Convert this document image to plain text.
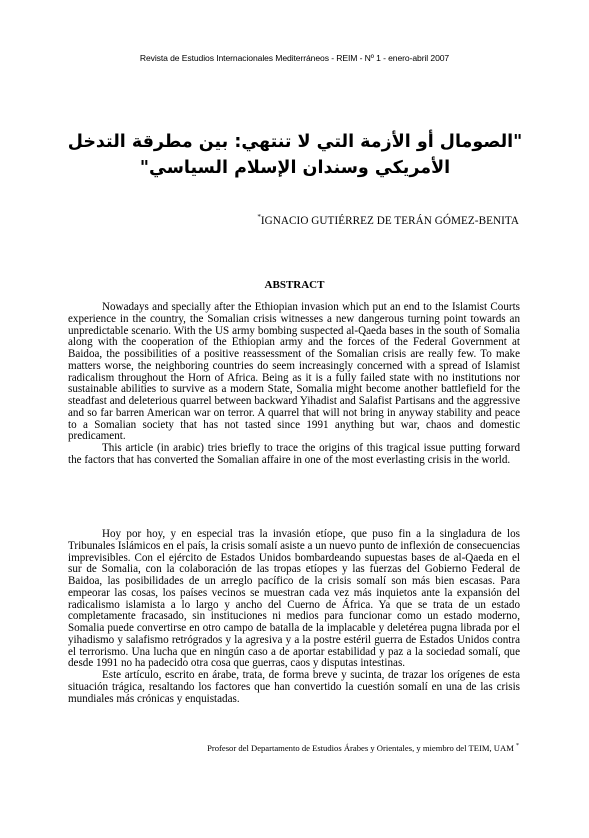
Revista de Estudios Internacionales Mediterráneos - REIM - Nº 1 - enero-abril 2007
"الصومال أو الأزمة التي لا تنتهي: بين مطرقة التدخل الأمريكي وسندان الإسلام السياسي"
*IGNACIO GUTIÉRREZ DE TERÁN GÓMEZ-BENITA
ABSTRACT

Nowadays and specially after the Ethiopian invasion which put an end to the Islamist Courts experience in the country, the Somalian crisis witnesses a new dangerous turning point towards an unpredictable scenario. With the US army bombing suspected al-Qaeda bases in the south of Somalia along with the cooperation of the Ethiopian army and the forces of the Federal Government at Baidoa, the possibilities of a positive reassessment of the Somalian crisis are really few. To make matters worse, the neighboring countries do seem increasingly concerned with a spread of Islamist radicalism throughout the Horn of Africa. Being as it is a fully failed state with no institutions nor sustainable abilities to survive as a modern State, Somalia might become another battlefield for the steadfast and deleterious quarrel between backward Yihadist and Salafist Partisans and the aggressive and so far barren American war on terror. A quarrel that will not bring in anyway stability and peace to a Somalian society that has not tasted since 1991 anything but war, chaos and domestic predicament.

This article (in arabic) tries briefly to trace the origins of this tragical issue putting forward the factors that has converted the Somalian affaire in one of the most everlasting crisis in the world.

Hoy por hoy, y en especial tras la invasión etíope, que puso fin a la singladura de los Tribunales Islámicos en el país, la crisis somalí asiste a un nuevo punto de inflexión de consecuencias imprevisibles. Con el ejército de Estados Unidos bombardeando supuestas bases de al-Qaeda en el sur de Somalia, con la colaboración de las tropas etíopes y las fuerzas del Gobierno Federal de Baidoa, las posibilidades de un arreglo pacífico de la crisis somalí son más bien escasas. Para empeorar las cosas, los países vecinos se muestran cada vez más inquietos ante la expansión del radicalismo islamista a lo largo y ancho del Cuerno de África. Ya que se trata de un estado completamente fracasado, sin instituciones ni medios para funcionar como un estado moderno, Somalia puede convertirse en otro campo de batalla de la implacable y deletérea pugna librada por el yihadismo y salafismo retrógrados y la agresiva y a la postre estéril guerra de Estados Unidos contra el terrorismo. Una lucha que en ningún caso a de aportar estabilidad y paz a la sociedad somalí, que desde 1991 no ha padecido otra cosa que guerras, caos y disputas intestinas.

Este artículo, escrito en árabe, trata, de forma breve y sucinta, de trazar los orígenes de esta situación trágica, resaltando los factores que han convertido la cuestión somalí en una de las crisis mundiales más crónicas y enquistadas.

Profesor del Departamento de Estudios Árabes y Orientales, y miembro del TEIM, UAM *
